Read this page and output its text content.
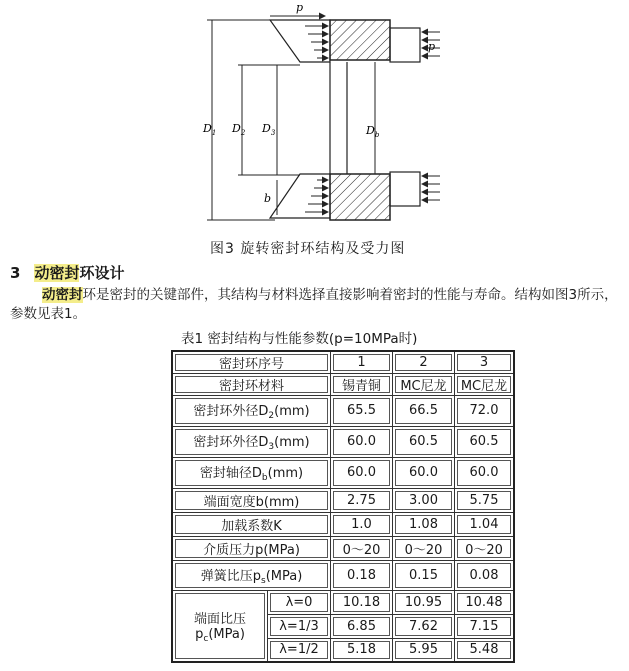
p
p
$D_1$ $D_2$ $D_3$	$D_b$
b
图3 旋转密封环结构及受力图
3 动密封环设计

动密封环是密封的关键部件，其结构与材料选择直接影响着密封的性能与寿命。结构如图3所示，参数见表1。

表1 密封结构与性能参数(p=10MPa时)
密封环序号		1	2	3
密封环材料		锡青铜	MC尼龙	MC尼龙
密封环外径$D_2(mm)$		65.5	66.5	72.0
密封环外径$D_3(mm)$		60.0	60.5	60.5
密封轴径$D_b(mm)$		60.0	60.0	60.0
端面宽度b(mm)		2.75	3.00	5.75
加载系数K		1.0	1.08	1.04
介质压力p(MPa)		0～20	0～20	0～20
弹簧比压$p_s(MPa)$		0.18	0.15	0.08
端面比压
$p_c(MPa)$	λ=0	10.18	10.95	10.48
	λ=1/3	6.85	7.62	7.15
	λ=1/2	5.18	5.95	5.48
